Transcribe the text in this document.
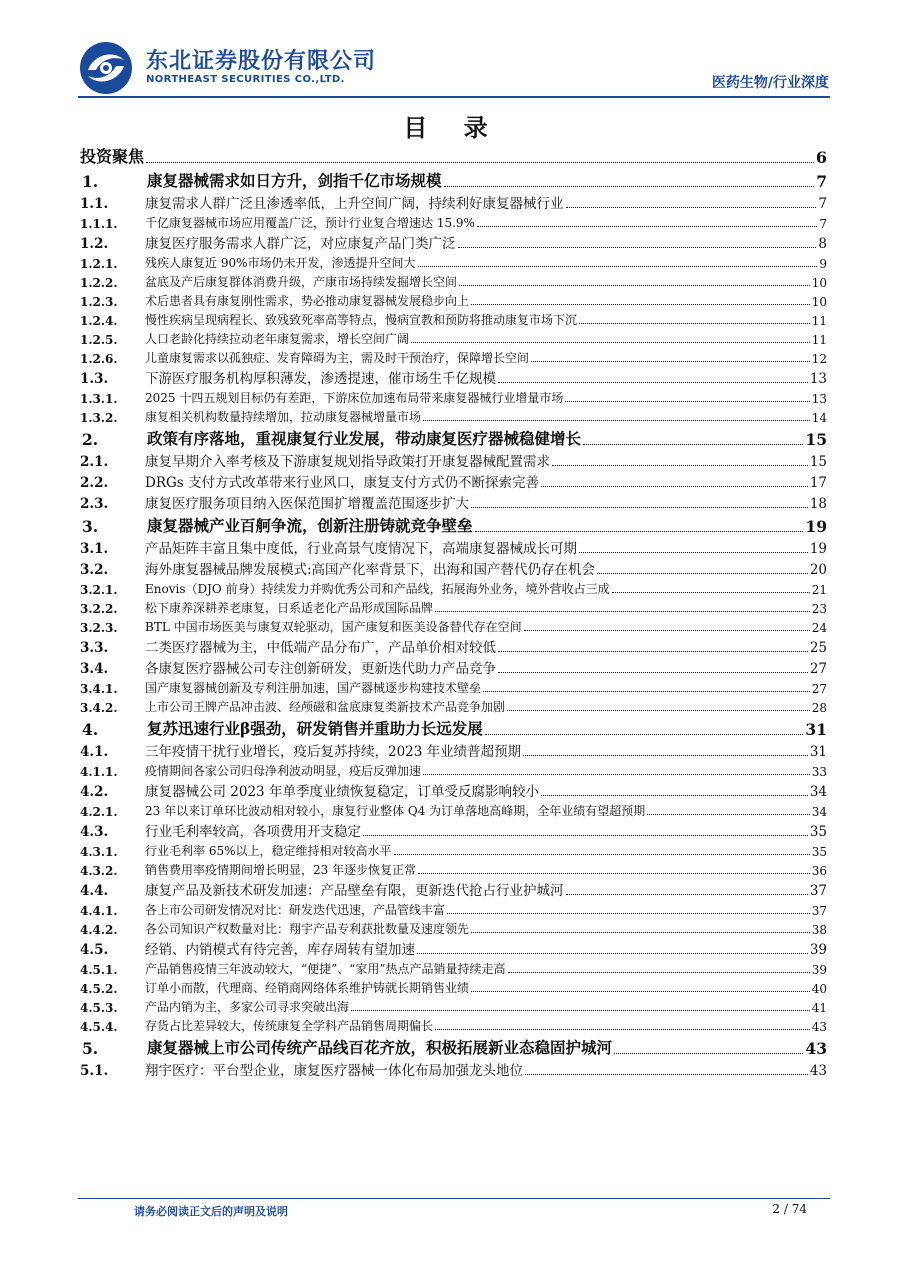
东北证券股份有限公司
NORTHEAST SECURITIES CO.,LTD.	医药生物/行业深度
目 录
投资聚焦	6
1.	康复器械需求如日方升，剑指千亿市场规模	7
1.1.	康复需求人群广泛且渗透率低，上升空间广阔，持续利好康复器械行业	7
1.1.1. 千亿康复器械市场应用覆盖广泛，预计行业复合增速达 15.9%	7
1.2.	康复医疗服务需求人群广泛，对应康复产品门类广泛	8
1.2.1. 残疾人康复近 90%市场仍未开发，渗透提升空间大	9
1.2.2. 盆底及产后康复群体消费升级，产康市场持续发掘增长空间	10
1.2.3. 术后患者具有康复刚性需求，势必推动康复器械发展稳步向上	10
1.2.4. 慢性疾病呈现病程长、致残致死率高等特点，慢病宣教和预防将推动康复市场下沉	11
1.2.5. 人口老龄化持续拉动老年康复需求，增长空间广阔	11
1.2.6. 儿童康复需求以孤独症、发育障碍为主，需及时干预治疗，保障增长空间	12
1.3.	下游医疗服务机构厚积薄发，渗透提速，催市场生千亿规模	13
1.3.1. 2025 十四五规划目标仍有差距，下游床位加速布局带来康复器械行业增量市场	13
1.3.2. 康复相关机构数量持续增加，拉动康复器械增量市场	14
2.	政策有序落地，重视康复行业发展，带动康复医疗器械稳健增长	15
2.1.	康复早期介入率考核及下游康复规划指导政策打开康复器械配置需求	15
2.2.	DRGs 支付方式改革带来行业风口，康复支付方式仍不断探索完善	17
2.3.	康复医疗服务项目纳入医保范围扩增覆盖范围逐步扩大	18
3.	康复器械产业百舸争流，创新注册铸就竞争壁垒	19
3.1.	产品矩阵丰富且集中度低，行业高景气度情况下，高端康复器械成长可期	19
3.2.	海外康复器械品牌发展模式:高国产化率背景下，出海和国产替代仍存在机会	20
3.2.1. Enovis（DJO 前身）持续发力并购优秀公司和产品线，拓展海外业务，境外营收占三成	21
3.2.2. 松下康养深耕养老康复，日系适老化产品形成国际品牌	23
3.2.3. BTL 中国市场医美与康复双轮驱动，国产康复和医美设备替代存在空间	24
3.3.	二类医疗器械为主，中低端产品分布广，产品单价相对较低	25
3.4.	各康复医疗器械公司专注创新研发，更新迭代助力产品竞争	27
3.4.1. 国产康复器械创新及专利注册加速，国产器械逐步构建技术壁垒	27
3.4.2. 上市公司王牌产品冲击波、经颅磁和盆底康复类新技术产品竞争加剧	28
4.	复苏迅速行业β强劲，研发销售并重助力长远发展	31
4.1.	三年疫情干扰行业增长，疫后复苏持续，2023 年业绩普超预期	31
4.1.1. 疫情期间各家公司归母净利波动明显，疫后反弹加速	33
4.2.	康复器械公司 2023 年单季度业绩恢复稳定，订单受反腐影响较小	34
4.2.1. 23 年以来订单环比波动相对较小，康复行业整体 Q4 为订单落地高峰期，全年业绩有望超预期	34
4.3.	行业毛利率较高，各项费用开支稳定	35
4.3.1. 行业毛利率 65%以上，稳定维持相对较高水平	35
4.3.2. 销售费用率疫情期间增长明显，23 年逐步恢复正常	36
4.4.	康复产品及新技术研发加速：产品壁垒有限，更新迭代抢占行业护城河	37
4.4.1. 各上市公司研发情况对比：研发迭代迅速，产品管线丰富	37
4.4.2. 各公司知识产权数量对比：翔宇产品专利获批数量及速度领先	38
4.5.	经销、内销模式有待完善，库存周转有望加速	39
4.5.1. 产品销售疫情三年波动较大，“便捷”、“家用”热点产品销量持续走高	39
4.5.2. 订单小而散，代理商、经销商网络体系维护铸就长期销售业绩	40
4.5.3. 产品内销为主，多家公司寻求突破出海	41
4.5.4. 存货占比差异较大，传统康复全学科产品销售周期偏长	43
5.	康复器械上市公司传统产品线百花齐放，积极拓展新业态稳固护城河	43
5.1.	翔宇医疗：平台型企业，康复医疗器械一体化布局加强龙头地位	43
请务必阅读正文后的声明及说明	2 / 74
